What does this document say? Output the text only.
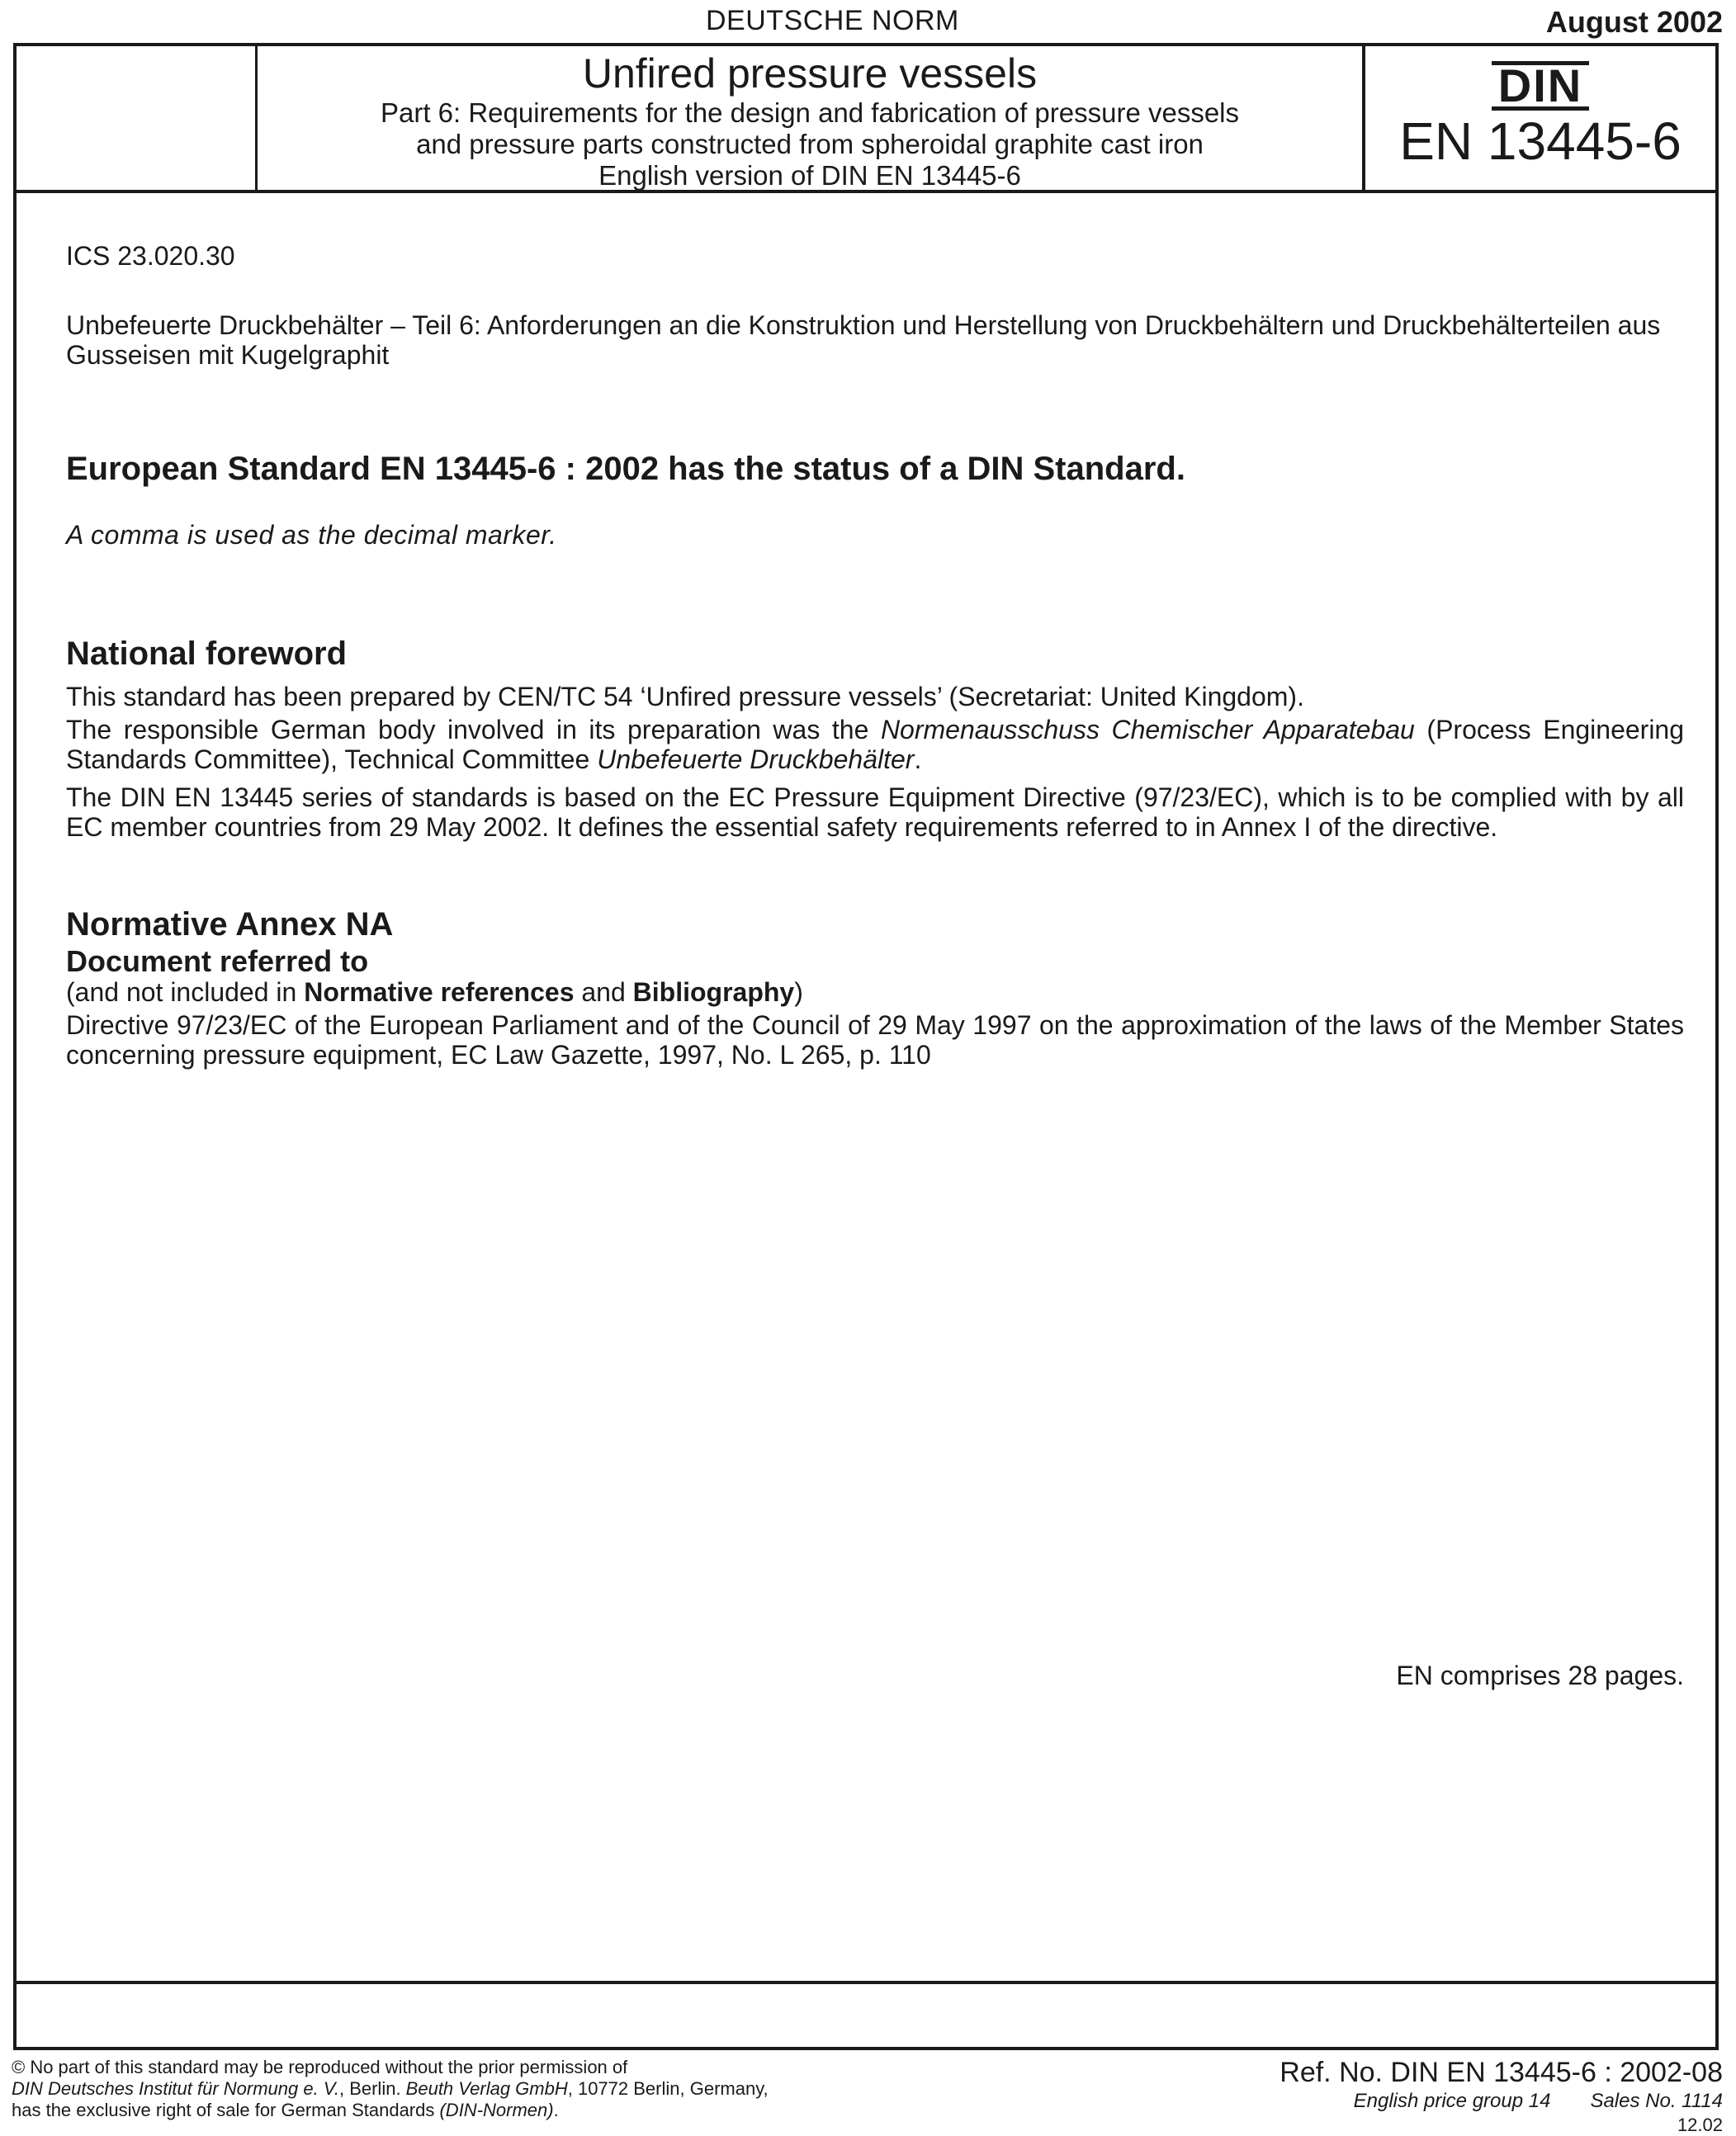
DEUTSCHE NORM	August 2002
Unfired pressure vessels
Part 6: Requirements for the design and fabrication of pressure vessels
and pressure parts constructed from spheroidal graphite cast iron
English version of DIN EN 13445-6
DIN
EN 13445-6
ICS 23.020.30
Unbefeuerte Druckbehälter – Teil 6: Anforderungen an die Konstruktion und Herstellung von Druckbehältern und Druckbehälterteilen aus Gusseisen mit Kugelgraphit
European Standard EN 13445-6 : 2002 has the status of a DIN Standard.
A comma is used as the decimal marker.
National foreword
This standard has been prepared by CEN/TC 54 ‘Unfired pressure vessels’ (Secretariat: United Kingdom).
The responsible German body involved in its preparation was the Normenausschuss Chemischer Apparatebau (Process Engineering Standards Committee), Technical Committee Unbefeuerte Druckbehälter.
The DIN EN 13445 series of standards is based on the EC Pressure Equipment Directive (97/23/EC), which is to be complied with by all EC member countries from 29 May 2002. It defines the essential safety requirements referred to in Annex I of the directive.
Normative Annex NA
Document referred to
(and not included in Normative references and Bibliography)
Directive 97/23/EC of the European Parliament and of the Council of 29 May 1997 on the approximation of the laws of the Member States concerning pressure equipment, EC Law Gazette, 1997, No. L 265, p. 110
EN comprises 28 pages.
© No part of this standard may be reproduced without the prior permission of
DIN Deutsches Institut für Normung e. V., Berlin. Beuth Verlag GmbH, 10772 Berlin, Germany,
has the exclusive right of sale for German Standards (DIN-Normen).
Ref. No. DIN EN 13445-6 : 2002-08
English price group 14 Sales No. 1114
12.02
